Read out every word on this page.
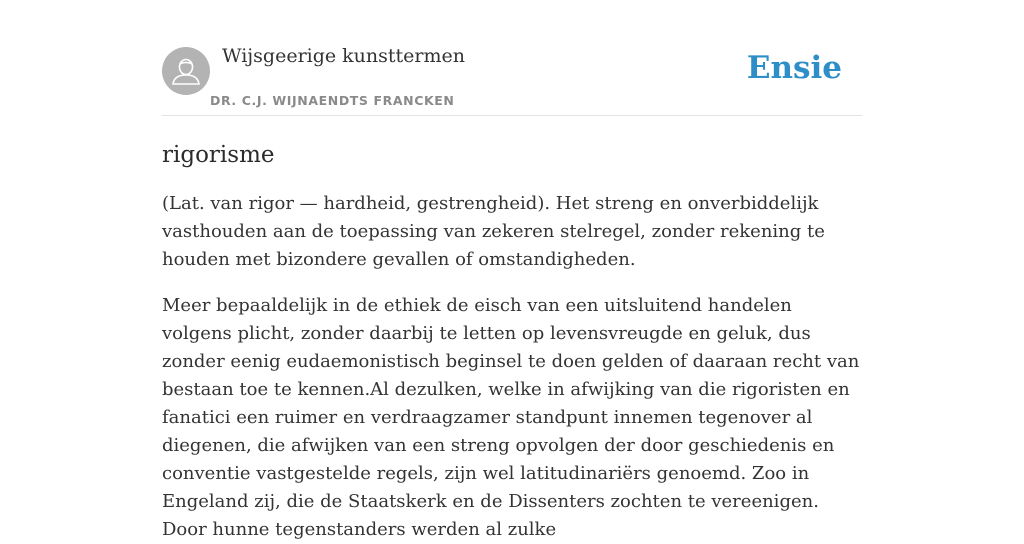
Wijsgeerige kunsttermen
DR. C.J. WIJNAENDTS FRANCKEN
Ensie
rigorisme

(Lat. van rigor — hardheid, gestrengheid). Het streng en onverbiddelijk vasthouden aan de toepassing van zekeren stelregel, zonder rekening te houden met bizondere gevallen of omstandigheden.

Meer bepaaldelijk in de ethiek de eisch van een uitsluitend handelen volgens plicht, zonder daarbij te letten op levensvreugde en geluk, dus zonder eenig eudaemonistisch beginsel te doen gelden of daaraan recht van bestaan toe te kennen.Al dezulken, welke in afwijking van die rigoristen en fanatici een ruimer en verdraagzamer standpunt innemen tegenover al diegenen, die afwijken van een streng opvolgen der door geschiedenis en conventie vastgestelde regels, zijn wel latitudinariërs genoemd. Zoo in Engeland zij, die de Staatskerk en de Dissenters zochten te vereenigen. Door hunne tegenstanders werden al zulke
